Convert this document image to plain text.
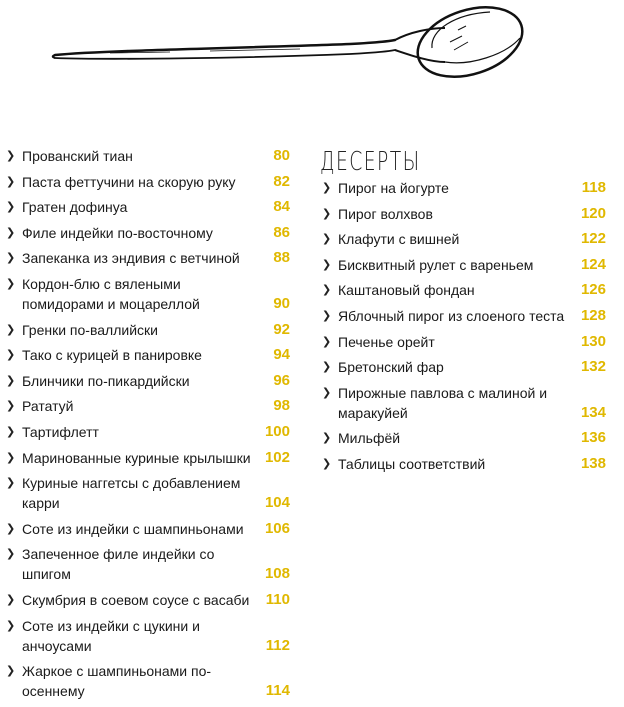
❯ Прованский тиан	80
❯ Паста феттучини на скорую руку	82
❯ Гратен дофинуа	84
❯ Филе индейки по-восточному	86
❯ Запеканка из эндивия с ветчиной	88
❯ Кордон-блю с вялеными помидорами и моцареллой	90
❯ Гренки по-валлийски	92
❯ Тако с курицей в панировке	94
❯ Блинчики по-пикардийски	96
❯ Рататуй	98
❯ Тартифлетт	100
❯ Маринованные куриные крылышки 102
❯ Куриные наггетсы с добавлением карри	104
❯ Соте из индейки с шампиньонами	106
❯ Запеченное филе индейки со шпигом	108
❯ Скумбрия в соевом соусе с васаби	110
❯ Соте из индейки с цукини и анчоусами	112
❯ Жаркое с шампиньонами по-осеннему	114
ДЕСЕРТЫ
❯ Пирог на йогурте	118
❯ Пирог волхвов	120
❯ Клафути с вишней	122
❯ Бисквитный рулет с вареньем	124
❯ Каштановый фондан	126
❯ Яблочный пирог из слоеного теста	128
❯ Печенье орейт	130
❯ Бретонский фар	132
❯ Пирожные павлова с малиной и маракуйей	134
❯ Мильфёй	136
❯ Таблицы соответствий	138
